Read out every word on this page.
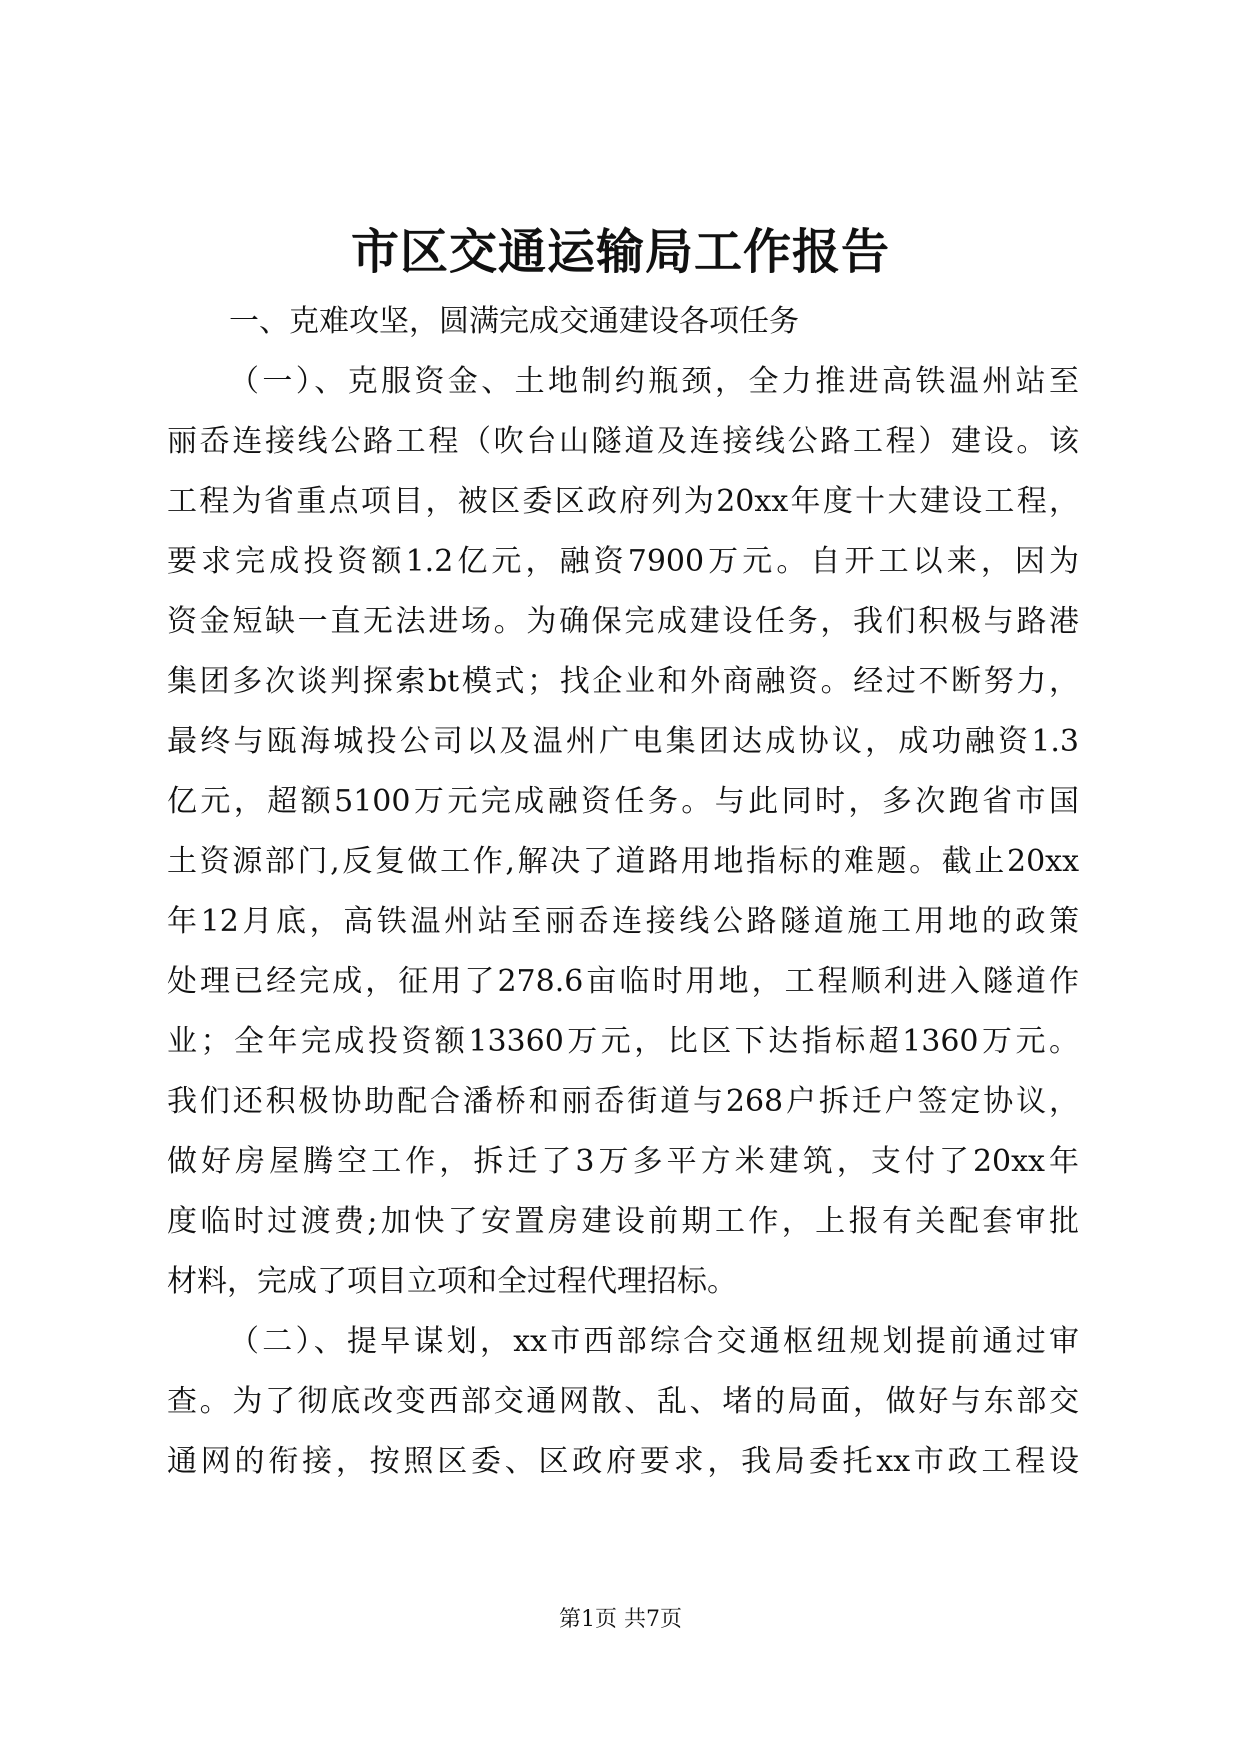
市区交通运输局工作报告
一、克难攻坚，圆满完成交通建设各项任务
（一）、克服资金、土地制约瓶颈，全力推进高铁温州站至
丽岙连接线公路工程（吹台山隧道及连接线公路工程）建设。该
工程为省重点项目，被区委区政府列为20xx年度十大建设工程，
要求完成投资额1.2亿元，融资7900万元。自开工以来，因为
资金短缺一直无法进场。为确保完成建设任务，我们积极与路港
集团多次谈判探索bt模式；找企业和外商融资。经过不断努力，
最终与瓯海城投公司以及温州广电集团达成协议，成功融资1.3
亿元，超额5100万元完成融资任务。与此同时，多次跑省市国
土资源部门,反复做工作,解决了道路用地指标的难题。截止20xx
年12月底，高铁温州站至丽岙连接线公路隧道施工用地的政策
处理已经完成，征用了278.6亩临时用地，工程顺利进入隧道作
业；全年完成投资额13360万元，比区下达指标超1360万元。
我们还积极协助配合潘桥和丽岙街道与268户拆迁户签定协议，
做好房屋腾空工作，拆迁了3万多平方米建筑，支付了20xx年
度临时过渡费;加快了安置房建设前期工作，上报有关配套审批
材料，完成了项目立项和全过程代理招标。
（二）、提早谋划，xx市西部综合交通枢纽规划提前通过审
查。为了彻底改变西部交通网散、乱、堵的局面，做好与东部交
通网的衔接，按照区委、区政府要求，我局委托xx市政工程设
第1页 共7页
